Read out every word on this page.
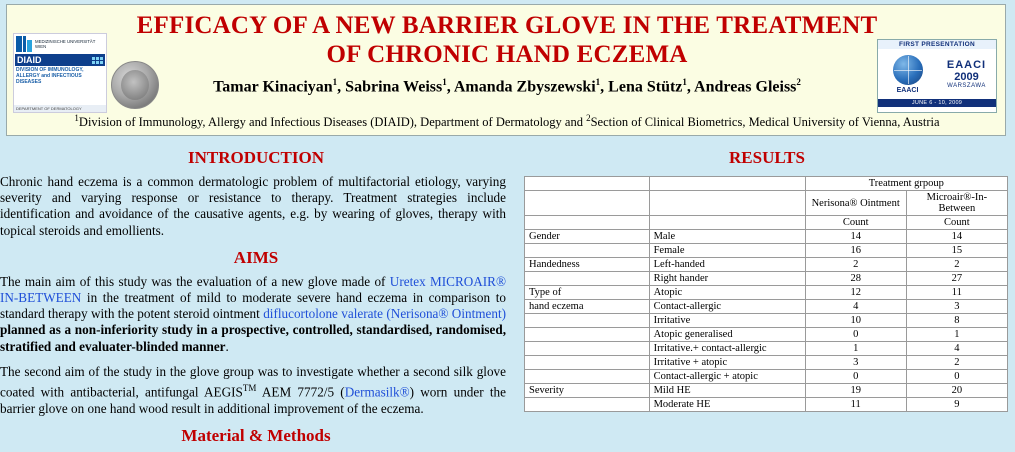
MEDIZINISCHE UNIVERSITÄT WIEN
DIAID
DIVISION OF IMMUNOLOGY, ALLERGY and INFECTIOUS DISEASES
DEPARTMENT OF DERMATOLOGY
EFFICACY OF A NEW BARRIER GLOVE IN THE TREATMENT OF CHRONIC HAND ECZEMA
Tamar Kinaciyan$^1$, Sabrina Weiss$^1$, Amanda Zbyszewski$^1$, Lena Stütz$^1$, Andreas Gleiss$^2$
$^1$Division of Immunology, Allergy and Infectious Diseases (DIAID), Department of Dermatology and $^2$Section of Clinical Biometrics, Medical University of Vienna, Austria
FIRST PRESENTATION
EAACI
EAACI
2009
WARSZAWA
JUNE 6 - 10, 2009
INTRODUCTION
Chronic hand eczema is a common dermatologic problem of multifactorial etiology, varying severity and varying response or resistance to therapy. Treatment strategies include identification and avoidance of the causative agents, e.g. by wearing of gloves, therapy with topical steroids and emollients.
AIMS
The main aim of this study was the evaluation of a new glove made of Uretex MICROAIR® IN-BETWEEN in the treatment of mild to moderate severe hand eczema in comparison to standard therapy with the potent steroid ointment diflucortolone valerate (Nerisona® Ointment) planned as a non-inferiority study in a prospective, controlled, standardised, randomised, stratified and evaluater-blinded manner.
The second aim of the study in the glove group was to investigate whether a second silk glove coated with antibacterial, antifungal AEGIS™ AEM 7772/5 (Dermasilk®) worn under the barrier glove on one hand wood result in additional improvement of the eczema.
Material & Methods
RESULTS
		Treatment grpoup	
		Nerisona® Ointment	Microair®-In-Between
		Count	Count
Gender	Male	14	14
	Female	16	15
Handedness	Left-handed	2	2
	Right hander	28	27
Type of	Atopic	12	11
hand eczema	Contact-allergic	4	3
	Irritative	10	8
	Atopic generalised	0	1
	Irritative.+ contact-allergic	1	4
	Irritative + atopic	3	2
	Contact-allergic + atopic	0	0
Severity	Mild HE	19	20
	Moderate HE	11	9
